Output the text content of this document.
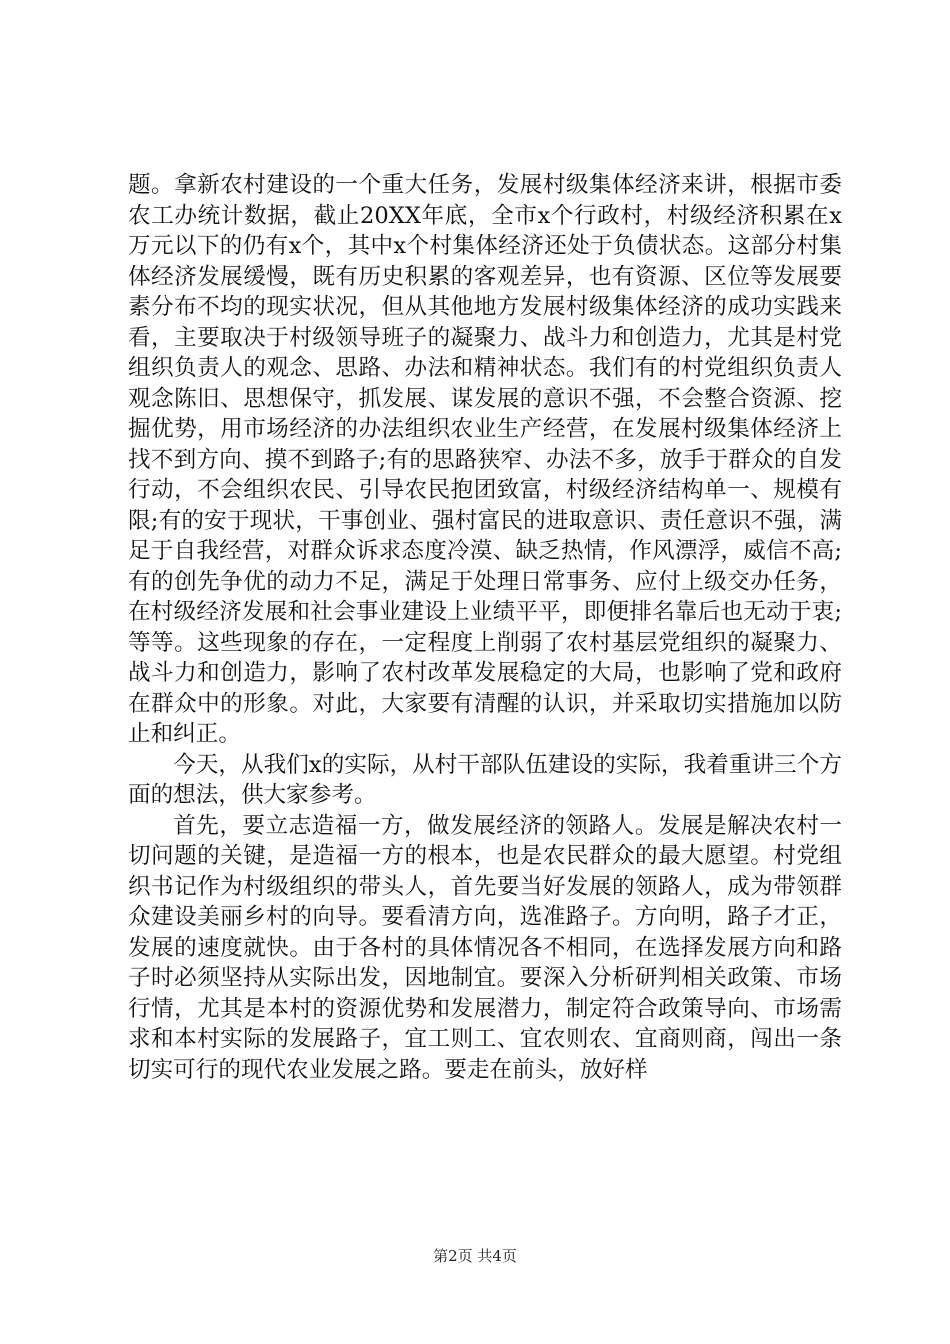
题。拿新农村建设的一个重大任务，发展村级集体经济来讲，根据市委农工办统计数据，截止20XX年底，全市x个行政村，村级经济积累在x万元以下的仍有x个，其中x个村集体经济还处于负债状态。这部分村集体经济发展缓慢，既有历史积累的客观差异，也有资源、区位等发展要素分布不均的现实状况，但从其他地方发展村级集体经济的成功实践来看，主要取决于村级领导班子的凝聚力、战斗力和创造力，尤其是村党组织负责人的观念、思路、办法和精神状态。我们有的村党组织负责人观念陈旧、思想保守，抓发展、谋发展的意识不强，不会整合资源、挖掘优势，用市场经济的办法组织农业生产经营，在发展村级集体经济上找不到方向、摸不到路子;有的思路狭窄、办法不多，放手于群众的自发行动，不会组织农民、引导农民抱团致富，村级经济结构单一、规模有限;有的安于现状，干事创业、强村富民的进取意识、责任意识不强，满足于自我经营，对群众诉求态度冷漠、缺乏热情，作风漂浮，威信不高;有的创先争优的动力不足，满足于处理日常事务、应付上级交办任务，在村级经济发展和社会事业建设上业绩平平，即便排名靠后也无动于衷;等等。这些现象的存在，一定程度上削弱了农村基层党组织的凝聚力、战斗力和创造力，影响了农村改革发展稳定的大局，也影响了党和政府在群众中的形象。对此，大家要有清醒的认识，并采取切实措施加以防止和纠正。

今天，从我们x的实际，从村干部队伍建设的实际，我着重讲三个方面的想法，供大家参考。

首先，要立志造福一方，做发展经济的领路人。发展是解决农村一切问题的关键，是造福一方的根本，也是农民群众的最大愿望。村党组织书记作为村级组织的带头人，首先要当好发展的领路人，成为带领群众建设美丽乡村的向导。要看清方向，选准路子。方向明，路子才正，发展的速度就快。由于各村的具体情况各不相同，在选择发展方向和路子时必须坚持从实际出发，因地制宜。要深入分析研判相关政策、市场行情，尤其是本村的资源优势和发展潜力，制定符合政策导向、市场需求和本村实际的发展路子，宜工则工、宜农则农、宜商则商，闯出一条切实可行的现代农业发展之路。要走在前头，放好样

第2页 共4页
